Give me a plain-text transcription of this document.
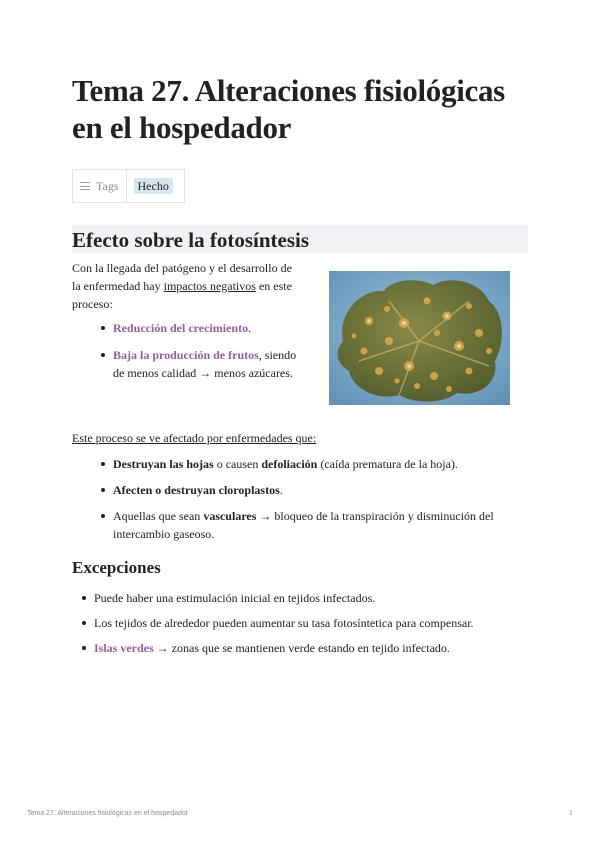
Tema 27. Alteraciones fisiológicas en el hospedador
Tags	Hecho
Efecto sobre la fotosíntesis
Con la llegada del patógeno y el desarrollo de la enfermedad hay impactos negativos en este proceso:
Reducción del crecimiento.
Baja la producción de frutos, siendo de menos calidad → menos azúcares.
Este proceso se ve afectado por enfermedades que:
Destruyan las hojas o causen defoliación (caída prematura de la hoja).
Afecten o destruyan cloroplastos.
Aquellas que sean vasculares → bloqueo de la transpiración y disminución del intercambio gaseoso.
Excepciones
Puede haber una estimulación inicial en tejidos infectados.
Los tejidos de alrededor pueden aumentar su tasa fotosíntetica para compensar.
Islas verdes → zonas que se mantienen verde estando en tejido infectado.
Tema 27. Alteraciones fisiológicas en el hospedador	1
